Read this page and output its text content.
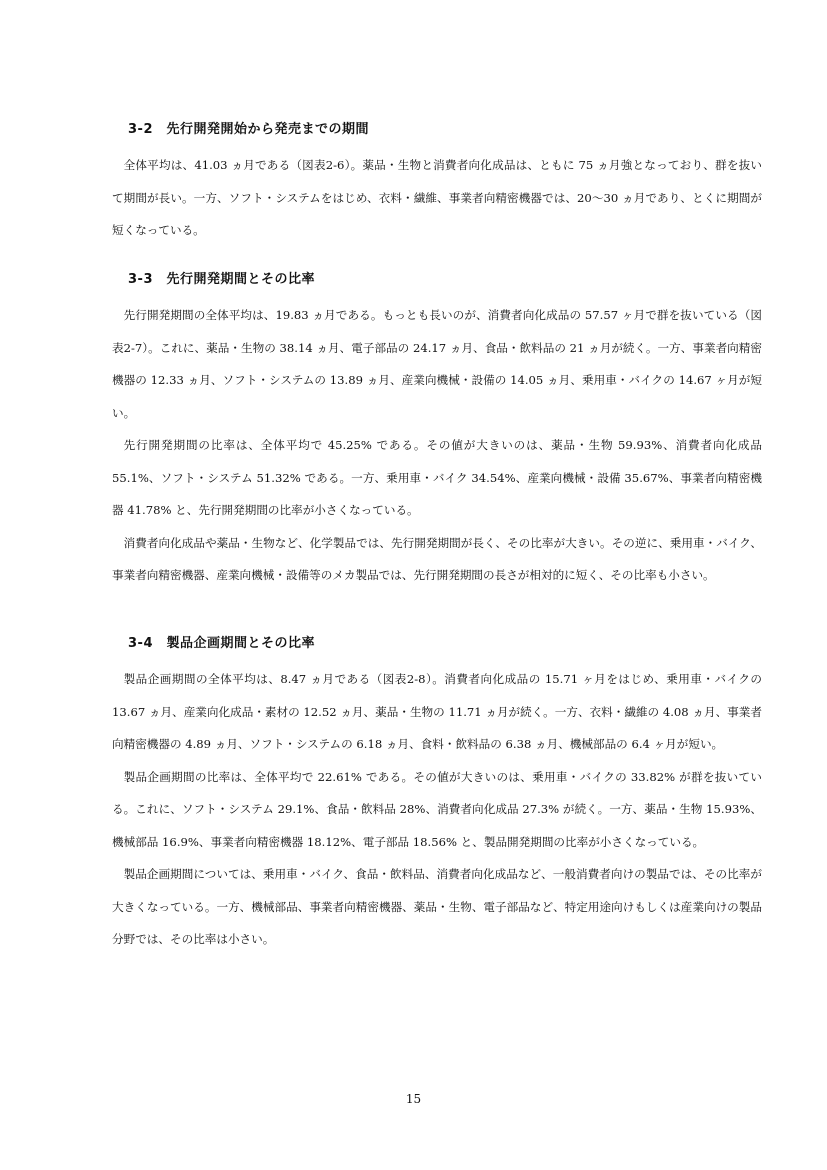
3-2　先行開発開始から発売までの期間

全体平均は、41.03 ヵ月である（図表2-6）。薬品・生物と消費者向化成品は、ともに 75 ヵ月強となっており、群を抜いて期間が長い。一方、ソフト・システムをはじめ、衣料・繊維、事業者向精密機器では、20～30 ヵ月であり、とくに期間が短くなっている。

3-3　先行開発期間とその比率

先行開発期間の全体平均は、19.83 ヵ月である。もっとも長いのが、消費者向化成品の 57.57 ヶ月で群を抜いている（図表2-7）。これに、薬品・生物の 38.14 ヵ月、電子部品の 24.17 ヵ月、食品・飲料品の 21 ヵ月が続く。一方、事業者向精密機器の 12.33 ヵ月、ソフト・システムの 13.89 ヵ月、産業向機械・設備の 14.05 ヵ月、乗用車・バイクの 14.67 ヶ月が短い。

先行開発期間の比率は、全体平均で 45.25% である。その値が大きいのは、薬品・生物 59.93%、消費者向化成品 55.1%、ソフト・システム 51.32% である。一方、乗用車・バイク 34.54%、産業向機械・設備 35.67%、事業者向精密機器 41.78% と、先行開発期間の比率が小さくなっている。

消費者向化成品や薬品・生物など、化学製品では、先行開発期間が長く、その比率が大きい。その逆に、乗用車・バイク、事業者向精密機器、産業向機械・設備等のメカ製品では、先行開発期間の長さが相対的に短く、その比率も小さい。

3-4　製品企画期間とその比率

製品企画期間の全体平均は、8.47 ヵ月である（図表2-8）。消費者向化成品の 15.71 ヶ月をはじめ、乗用車・バイクの 13.67 ヵ月、産業向化成品・素材の 12.52 ヵ月、薬品・生物の 11.71 ヵ月が続く。一方、衣料・繊維の 4.08 ヵ月、事業者向精密機器の 4.89 ヵ月、ソフト・システムの 6.18 ヵ月、食料・飲料品の 6.38 ヵ月、機械部品の 6.4 ヶ月が短い。

製品企画期間の比率は、全体平均で 22.61% である。その値が大きいのは、乗用車・バイクの 33.82% が群を抜いている。これに、ソフト・システム 29.1%、食品・飲料品 28%、消費者向化成品 27.3% が続く。一方、薬品・生物 15.93%、機械部品 16.9%、事業者向精密機器 18.12%、電子部品 18.56% と、製品開発期間の比率が小さくなっている。

製品企画期間については、乗用車・バイク、食品・飲料品、消費者向化成品など、一般消費者向けの製品では、その比率が大きくなっている。一方、機械部品、事業者向精密機器、薬品・生物、電子部品など、特定用途向けもしくは産業向けの製品分野では、その比率は小さい。

15
